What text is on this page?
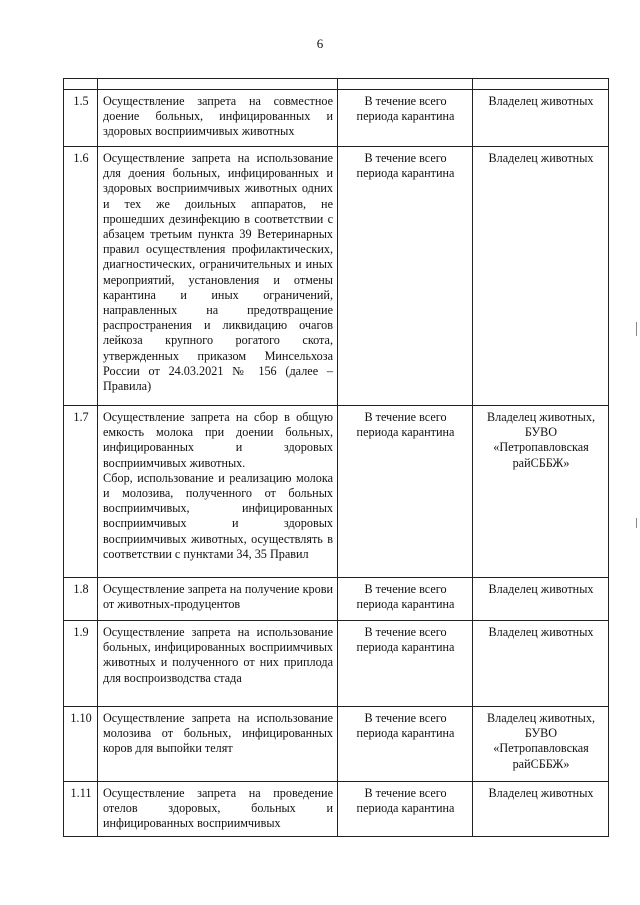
6

1.5	Осуществление запрета на совместное доение больных, инфицированных и здоровых восприимчивых животных	В течение всего периода карантина	Владелец животных
1.6	Осуществление запрета на использование для доения больных, инфицированных и здоровых восприимчивых животных одних и тех же доильных аппаратов, не прошедших дезинфекцию в соответствии с абзацем третьим пункта 39 Ветеринарных правил осуществления профилактических, диагностических, ограничительных и иных мероприятий, установления и отмены карантина и иных ограничений, направленных на предотвращение распространения и ликвидацию очагов лейкоза крупного рогатого скота, утвержденных приказом Минсельхоза России от 24.03.2021 № 156 (далее – Правила)	В течение всего периода карантина	Владелец животных
1.7	Осуществление запрета на сбор в общую емкость молока при доении больных, инфицированных и здоровых восприимчивых животных.
Сбор, использование и реализацию молока и молозива, полученного от больных восприимчивых, инфицированных восприимчивых и здоровых восприимчивых животных, осуществлять в соответствии с пунктами 34, 35 Правил	В течение всего периода карантина	Владелец животных, БУВО «Петропавловская райСББЖ»
1.8	Осуществление запрета на получение крови от животных-продуцентов	В течение всего периода карантина	Владелец животных
1.9	Осуществление запрета на использование больных, инфицированных восприимчивых животных и полученного от них приплода для воспроизводства стада	В течение всего периода карантина	Владелец животных
1.10	Осуществление запрета на использование молозива от больных, инфицированных коров для выпойки телят	В течение всего периода карантина	Владелец животных, БУВО «Петропавловская райСББЖ»
1.11	Осуществление запрета на проведение отелов здоровых, больных и инфицированных восприимчивых	В течение всего периода карантина	Владелец животных
